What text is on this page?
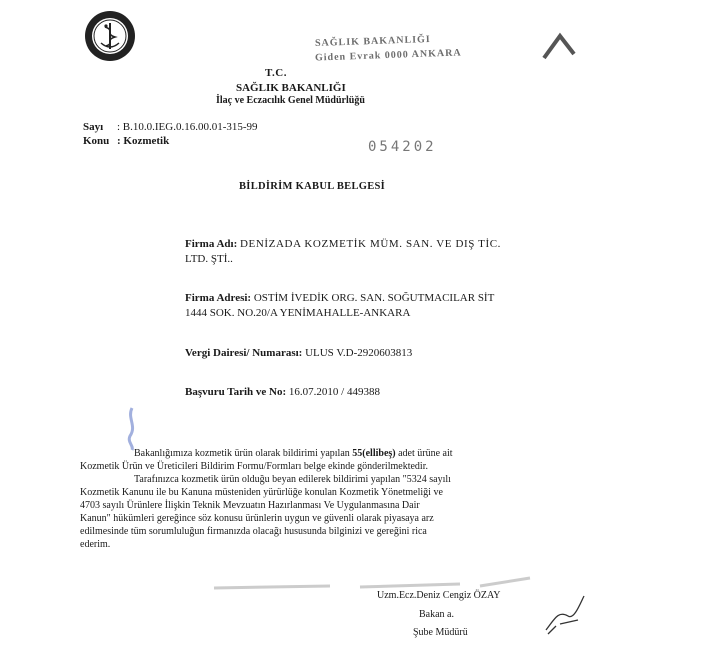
SAĞLIK BAKANLIĞI
Giden Evrak 0000 ANKARA
T.C.
SAĞLIK BAKANLIĞI
İlaç ve Eczacılık Genel Müdürlüğü
Sayı : B.10.0.IEG.0.16.00.01-315-99
Konu : Kozmetik	054202
BİLDİRİM KABUL BELGESİ
Firma Adı: DENİZADA KOZMETİK MÜM. SAN. VE DIŞ TİC.
LTD. ŞTİ..
Firma Adresi: OSTİM İVEDİK ORG. SAN. SOĞUTMACILAR SİT
1444 SOK. NO.20/A YENİMAHALLE-ANKARA
Vergi Dairesi/ Numarası: ULUS V.D-2920603813
Başvuru Tarih ve No: 16.07.2010 / 449388
Bakanlığımıza kozmetik ürün olarak bildirimi yapılan 55(ellibeş) adet ürüne ait
Kozmetik Ürün ve Üreticileri Bildirim Formu/Formları belge ekinde gönderilmektedir.
Tarafınızca kozmetik ürün olduğu beyan edilerek bildirimi yapılan "5324 sayılı
Kozmetik Kanunu ile bu Kanuna müsteniden yürürlüğe konulan Kozmetik Yönetmeliği ve
4703 sayılı Ürünlere İlişkin Teknik Mevzuatın Hazırlanması Ve Uygulanmasına Dair
Kanun" hükümleri gereğince söz konusu ürünlerin uygun ve güvenli olarak piyasaya arz
edilmesinde tüm sorumluluğun firmanızda olacağı hususunda bilginizi ve gereğini rica
ederim.
Uzm.Ecz.Deniz Cengiz ÖZAY
Bakan a.
Şube Müdürü
